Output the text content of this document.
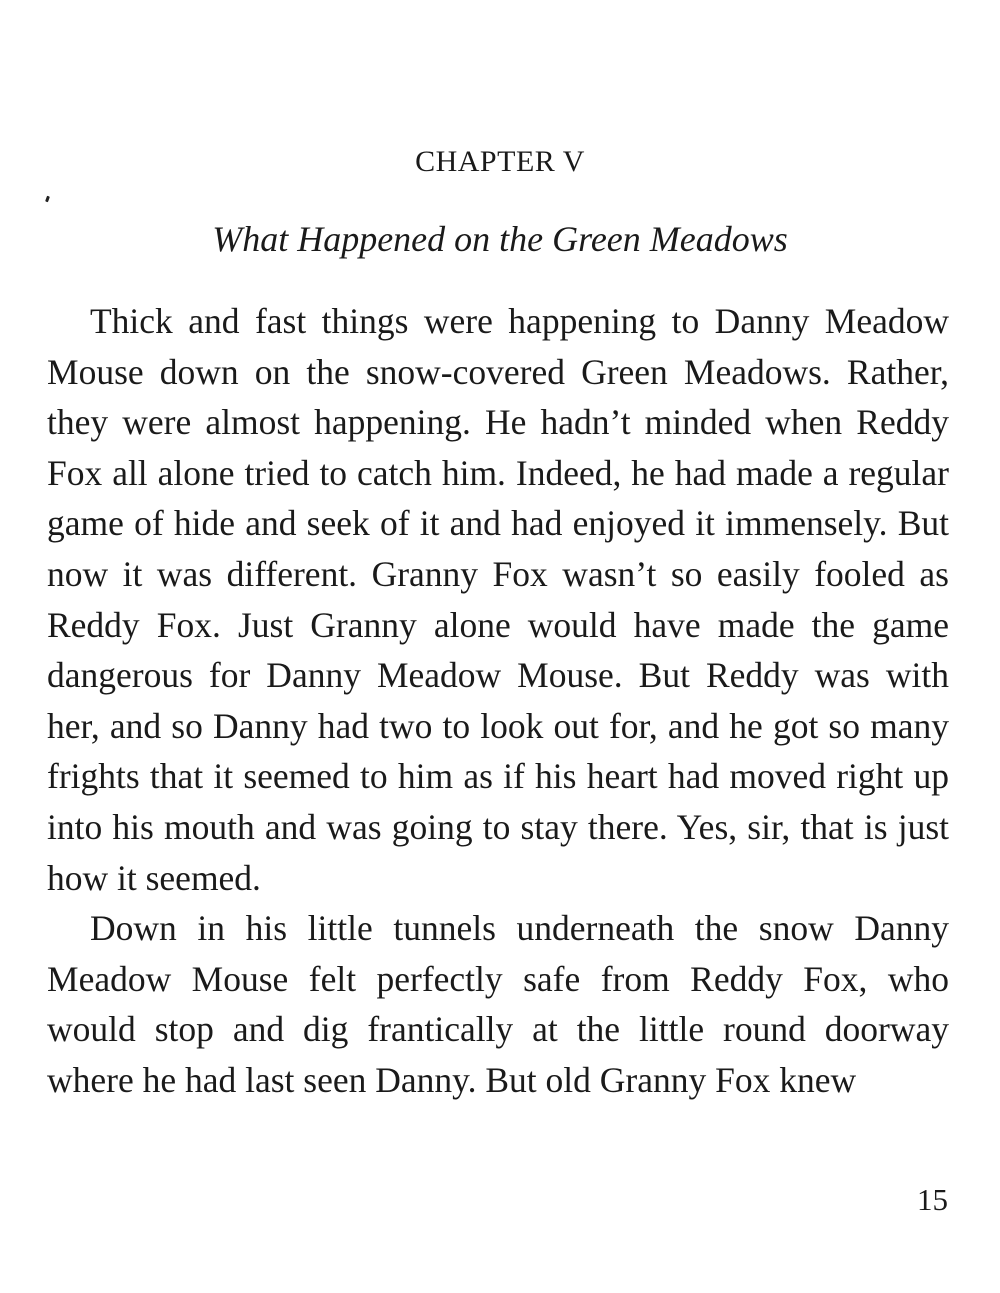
CHAPTER V
What Happened on the Green Meadows

Thick and fast things were happening to Danny Meadow Mouse down on the snow-covered Green Meadows. Rather, they were almost happening. He hadn’t minded when Reddy Fox all alone tried to catch him. Indeed, he had made a regular game of hide and seek of it and had enjoyed it immensely. But now it was different. Granny Fox wasn’t so easily fooled as Reddy Fox. Just Granny alone would have made the game dangerous for Danny Meadow Mouse. But Reddy was with her, and so Danny had two to look out for, and he got so many frights that it seemed to him as if his heart had moved right up into his mouth and was going to stay there. Yes, sir, that is just how it seemed.

Down in his little tunnels underneath the snow Danny Meadow Mouse felt perfectly safe from Reddy Fox, who would stop and dig frantically at the little round doorway where he had last seen Danny. But old Granny Fox knew

15
